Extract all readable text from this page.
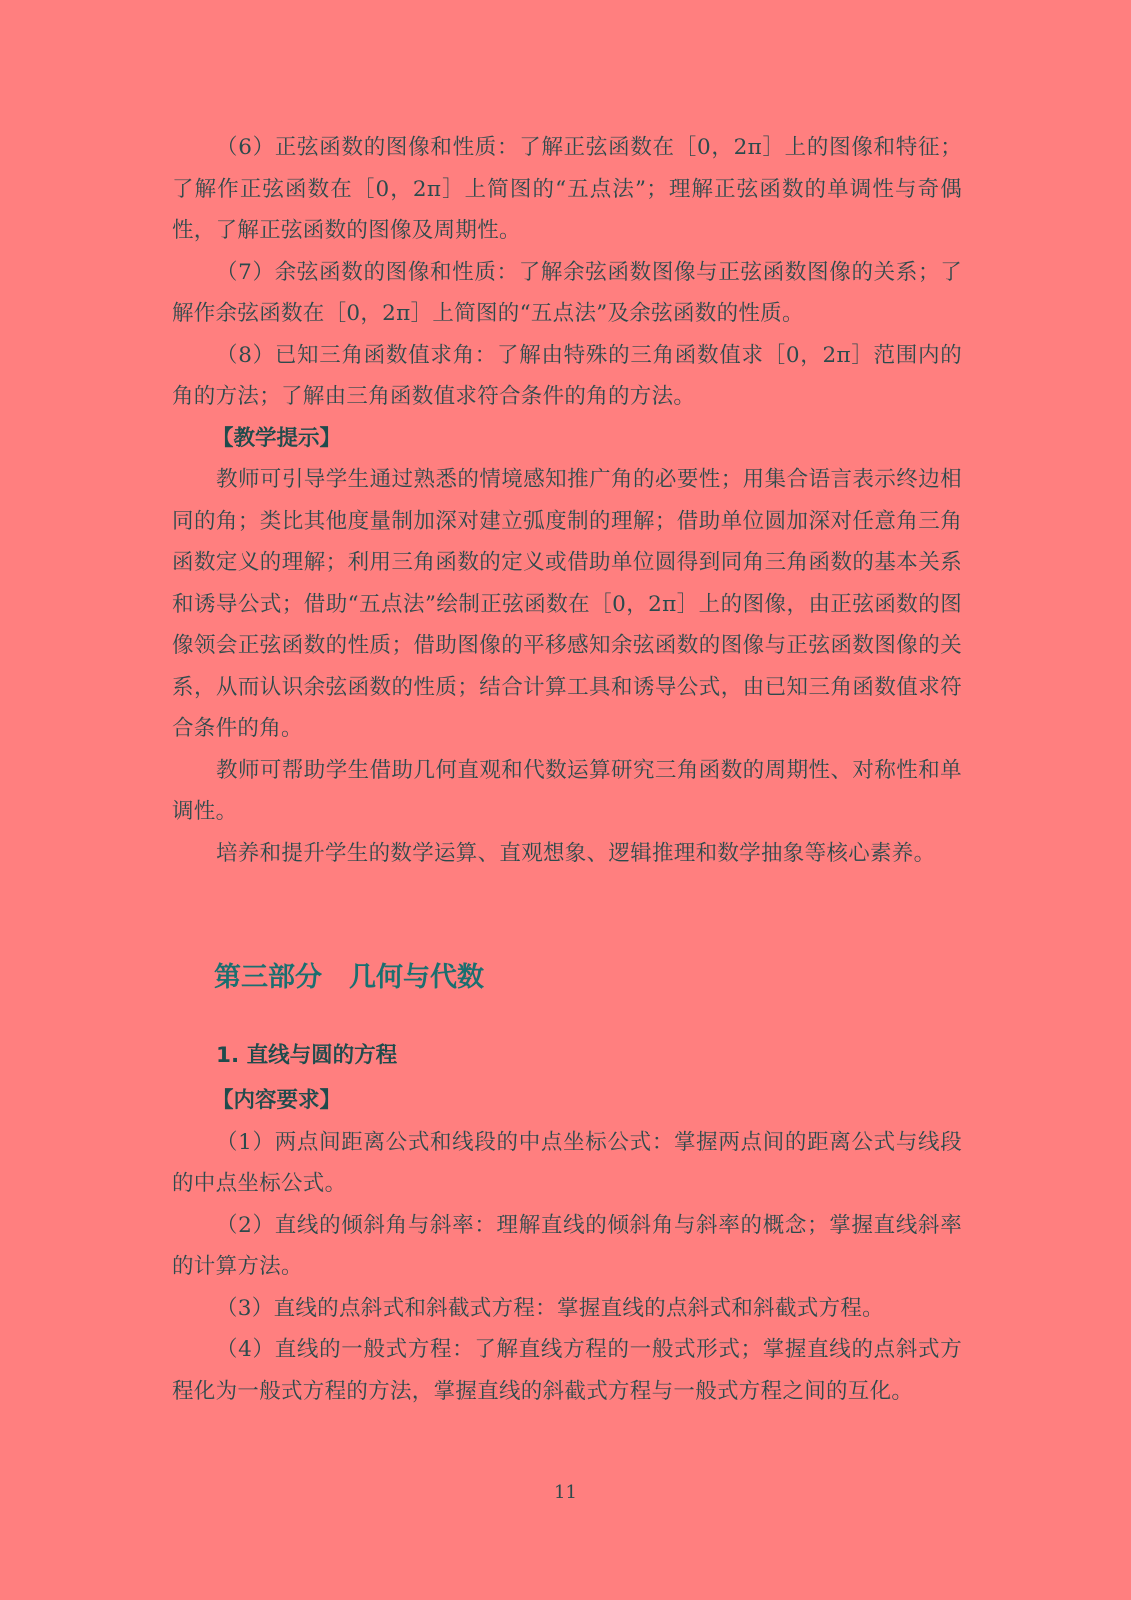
（6）正弦函数的图像和性质：了解正弦函数在［0，2π］上的图像和特征；了解作正弦函数在［0，2π］上简图的“五点法”；理解正弦函数的单调性与奇偶性，了解正弦函数的图像及周期性。

（7）余弦函数的图像和性质：了解余弦函数图像与正弦函数图像的关系；了解作余弦函数在［0，2π］上简图的“五点法”及余弦函数的性质。

（8）已知三角函数值求角：了解由特殊的三角函数值求［0，2π］范围内的角的方法；了解由三角函数值求符合条件的角的方法。

【教学提示】

教师可引导学生通过熟悉的情境感知推广角的必要性；用集合语言表示终边相同的角；类比其他度量制加深对建立弧度制的理解；借助单位圆加深对任意角三角函数定义的理解；利用三角函数的定义或借助单位圆得到同角三角函数的基本关系和诱导公式；借助“五点法”绘制正弦函数在［0，2π］上的图像，由正弦函数的图像领会正弦函数的性质；借助图像的平移感知余弦函数的图像与正弦函数图像的关系，从而认识余弦函数的性质；结合计算工具和诱导公式，由已知三角函数值求符合条件的角。

教师可帮助学生借助几何直观和代数运算研究三角函数的周期性、对称性和单调性。

培养和提升学生的数学运算、直观想象、逻辑推理和数学抽象等核心素养。

第三部分　几何与代数
1. 直线与圆的方程

【内容要求】

（1）两点间距离公式和线段的中点坐标公式：掌握两点间的距离公式与线段的中点坐标公式。

（2）直线的倾斜角与斜率：理解直线的倾斜角与斜率的概念；掌握直线斜率的计算方法。

（3）直线的点斜式和斜截式方程：掌握直线的点斜式和斜截式方程。

（4）直线的一般式方程：了解直线方程的一般式形式；掌握直线的点斜式方程化为一般式方程的方法，掌握直线的斜截式方程与一般式方程之间的互化。

11
